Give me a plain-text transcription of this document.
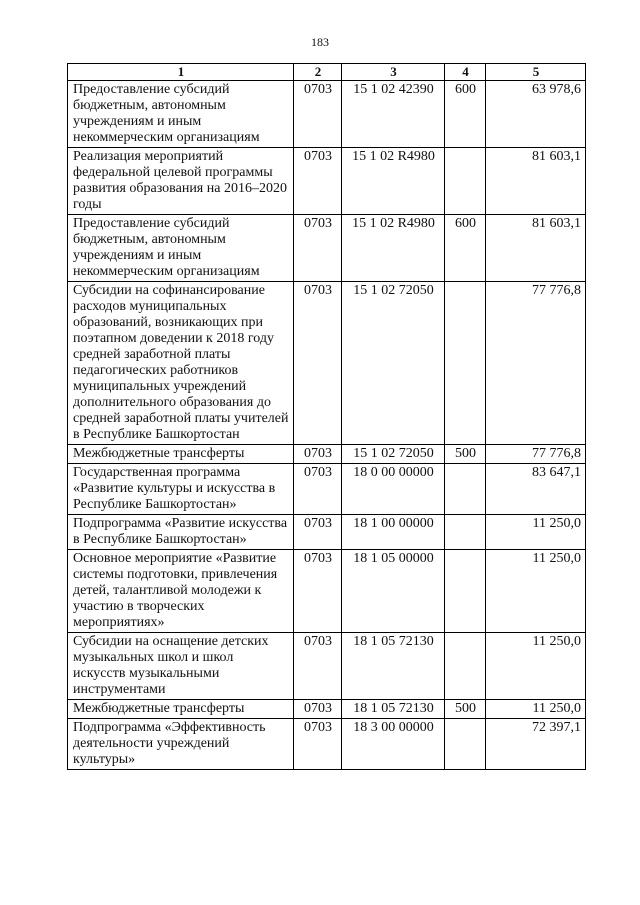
183
1	2	3	4	5
Предоставление субсидий бюджетным, автономным учреждениям и иным некоммерческим организациям	0703	15 1 02 42390	600	63 978,6
Реализация мероприятий федеральной целевой программы развития образования на 2016–2020 годы	0703	15 1 02 R4980		81 603,1
Предоставление субсидий бюджетным, автономным учреждениям и иным некоммерческим организациям	0703	15 1 02 R4980	600	81 603,1
Субсидии на софинансирование расходов муниципальных образований, возникающих при поэтапном доведении к 2018 году средней заработной платы педагогических работников муниципальных учреждений дополнительного образования до средней заработной платы учителей в Республике Башкортостан	0703	15 1 02 72050		77 776,8
Межбюджетные трансферты	0703	15 1 02 72050	500	77 776,8
Государственная программа «Развитие культуры и искусства в Республике Башкортостан»	0703	18 0 00 00000		83 647,1
Подпрограмма «Развитие искусства в Республике Башкортостан»	0703	18 1 00 00000		11 250,0
Основное мероприятие «Развитие системы подготовки, привлечения детей, талантливой молодежи к участию в творческих мероприятиях»	0703	18 1 05 00000		11 250,0
Субсидии на оснащение детских музыкальных школ и школ искусств музыкальными инструментами	0703	18 1 05 72130		11 250,0
Межбюджетные трансферты	0703	18 1 05 72130	500	11 250,0
Подпрограмма «Эффективность деятельности учреждений культуры»	0703	18 3 00 00000		72 397,1
